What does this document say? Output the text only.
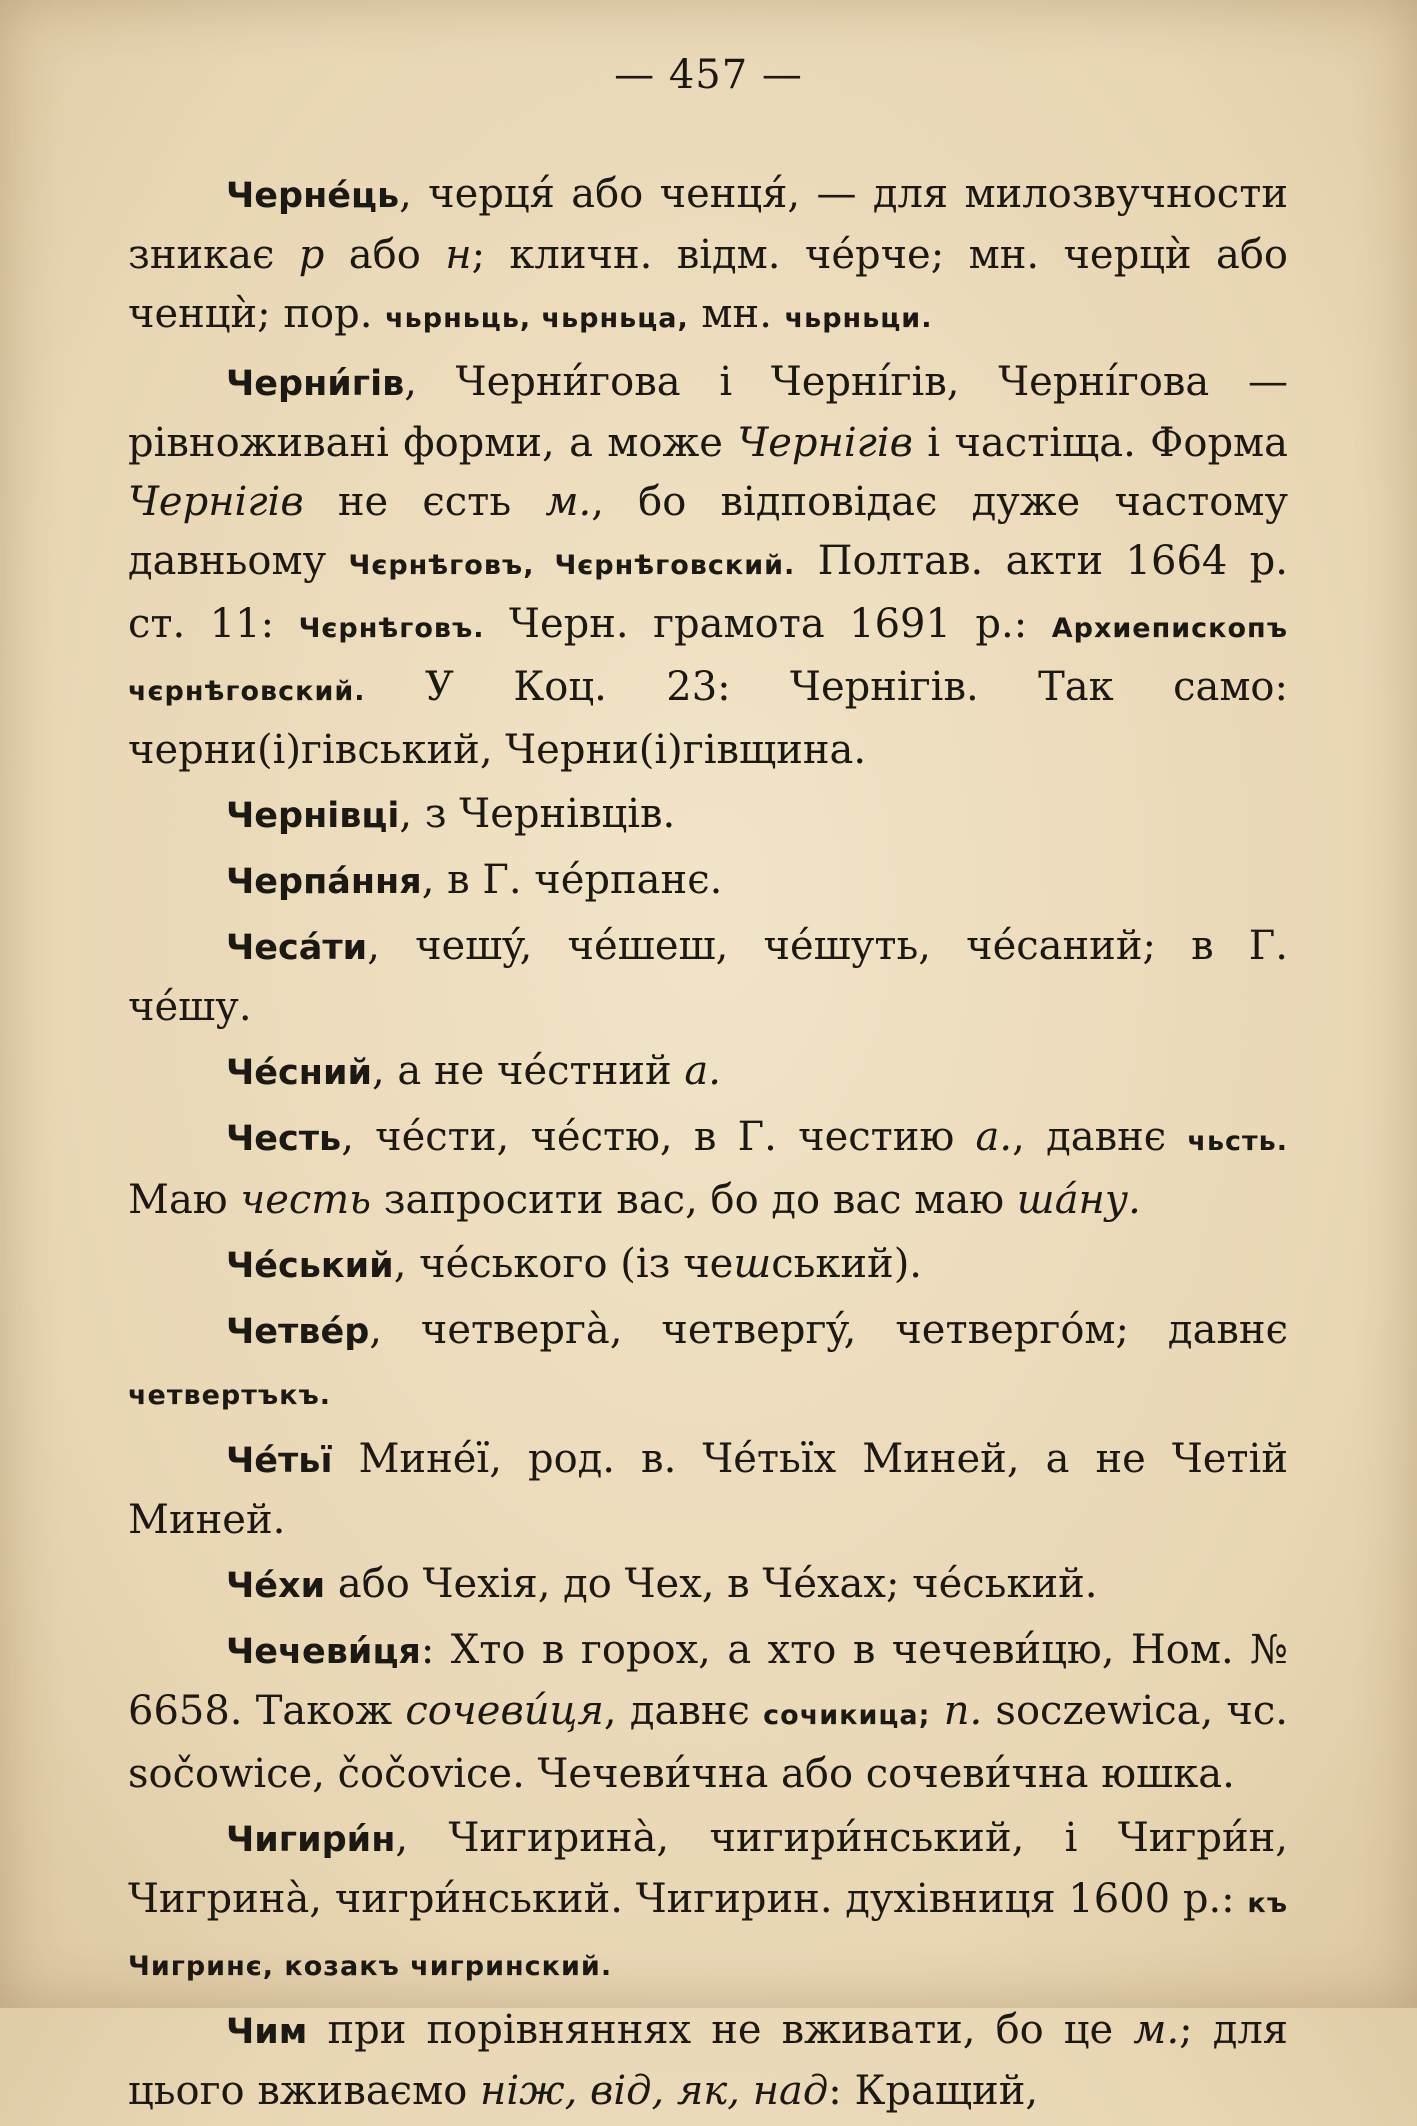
— 457 —

Чернéць, черця́ або ченця́, — для милозвучности зникає р або н; кличн. відм. чéрче; мн. черцѝ або ченцѝ; пор. чьрньць, чьрньца, мн. чьрньци.

Черни́гів, Черни́гова і Черні́гів, Черні́гова — рівноживані форми, а може Чернігів і частіща. Форма Чернігів не єсть м., бо відповідає дуже частому давньому Чєрнѣговъ, Чєрнѣговский. Полтав. акти 1664 р. ст. 11: Чєрнѣговъ. Черн. грамота 1691 р.: Архиепископъ чєрнѣговский. У Коц. 23: Чернігів. Так само: черни(і)гівський, Черни(і)гівщина.

Чернівці, з Чернівців.

Черпáння, в Г. чéрпанє.

Чесáти, чешý, чéшеш, чéшуть, чéсаний; в Г. чéшу.

Чéсний, а не чéстний а.

Честь, чéсти, чéстю, в Г. честию а., давнє чьсть. Маю честь запросити вас, бо до вас маю шáну.

Чéський, чéського (із чешський).

Четвéр, четвергà, четвергý, четвергóм; давнє четвертъкъ.

Чéтьї Минéї, род. в. Чéтьїх Миней, а не Четій Миней.

Чéхи або Чехія, до Чех, в Чéхах; чéський.

Чечеви́ця: Хто в горох, а хто в чечеви́цю, Ном. № 6658. Також сочеви́ця, давнє сочикица; п. soczewica, чс. sočowice, čočovice. Чечеви́чна або сочеви́чна юшка.

Чигири́н, Чигиринà, чигири́нський, і Чигри́н, Чигринà, чигри́нський. Чигирин. духівниця 1600 р.: къ Чигринє, козакъ чигринский.

Чим при порівняннях не вживати, бо це м.; для цього вживаємо ніж, від, як, над: Кращий,
